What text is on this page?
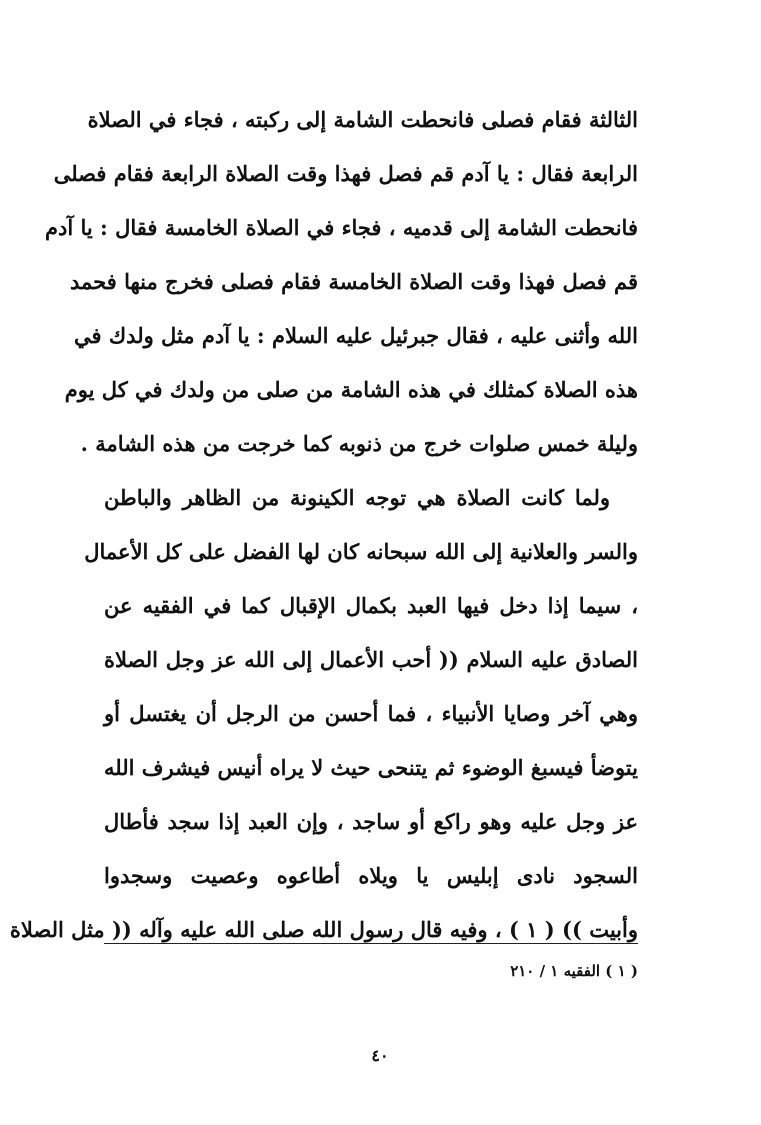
الثالثة فقام فصلى فانحطت الشامة إلى ركبته ، فجاء في الصلاة
الرابعة فقال : يا آدم قم فصل فهذا وقت الصلاة الرابعة فقام فصلى
فانحطت الشامة إلى قدميه ، فجاء في الصلاة الخامسة فقال : يا آدم
قم فصل فهذا وقت الصلاة الخامسة فقام فصلى فخرج منها فحمد
الله وأثنى عليه ، فقال جبرئيل عليه السلام : يا آدم مثل ولدك في
هذه الصلاة كمثلك في هذه الشامة من صلى من ولدك في كل يوم
وليلة خمس صلوات خرج من ذنوبه كما خرجت من هذه الشامة .
ولما كانت الصلاة هي توجه الكينونة من الظاهر والباطن
والسر والعلانية إلى الله سبحانه كان لها الفضل على كل الأعمال
، سيما إذا دخل فيها العبد بكمال الإقبال كما في الفقيه عن
الصادق عليه السلام (( أحب الأعمال إلى الله عز وجل الصلاة
وهي آخر وصايا الأنبياء ، فما أحسن من الرجل أن يغتسل أو
يتوضأ فيسبغ الوضوء ثم يتنحى حيث لا يراه أنيس فيشرف الله
عز وجل عليه وهو راكع أو ساجد ، وإن العبد إذا سجد فأطال
السجود نادى إبليس يا ويلاه أطاعوه وعصيت وسجدوا
وأبيت )) ( ١ ) ، وفيه قال رسول الله صلى الله عليه وآله (( مثل الصلاة
( ١ ) الفقيه ١ / ٢١٠
٤٠
